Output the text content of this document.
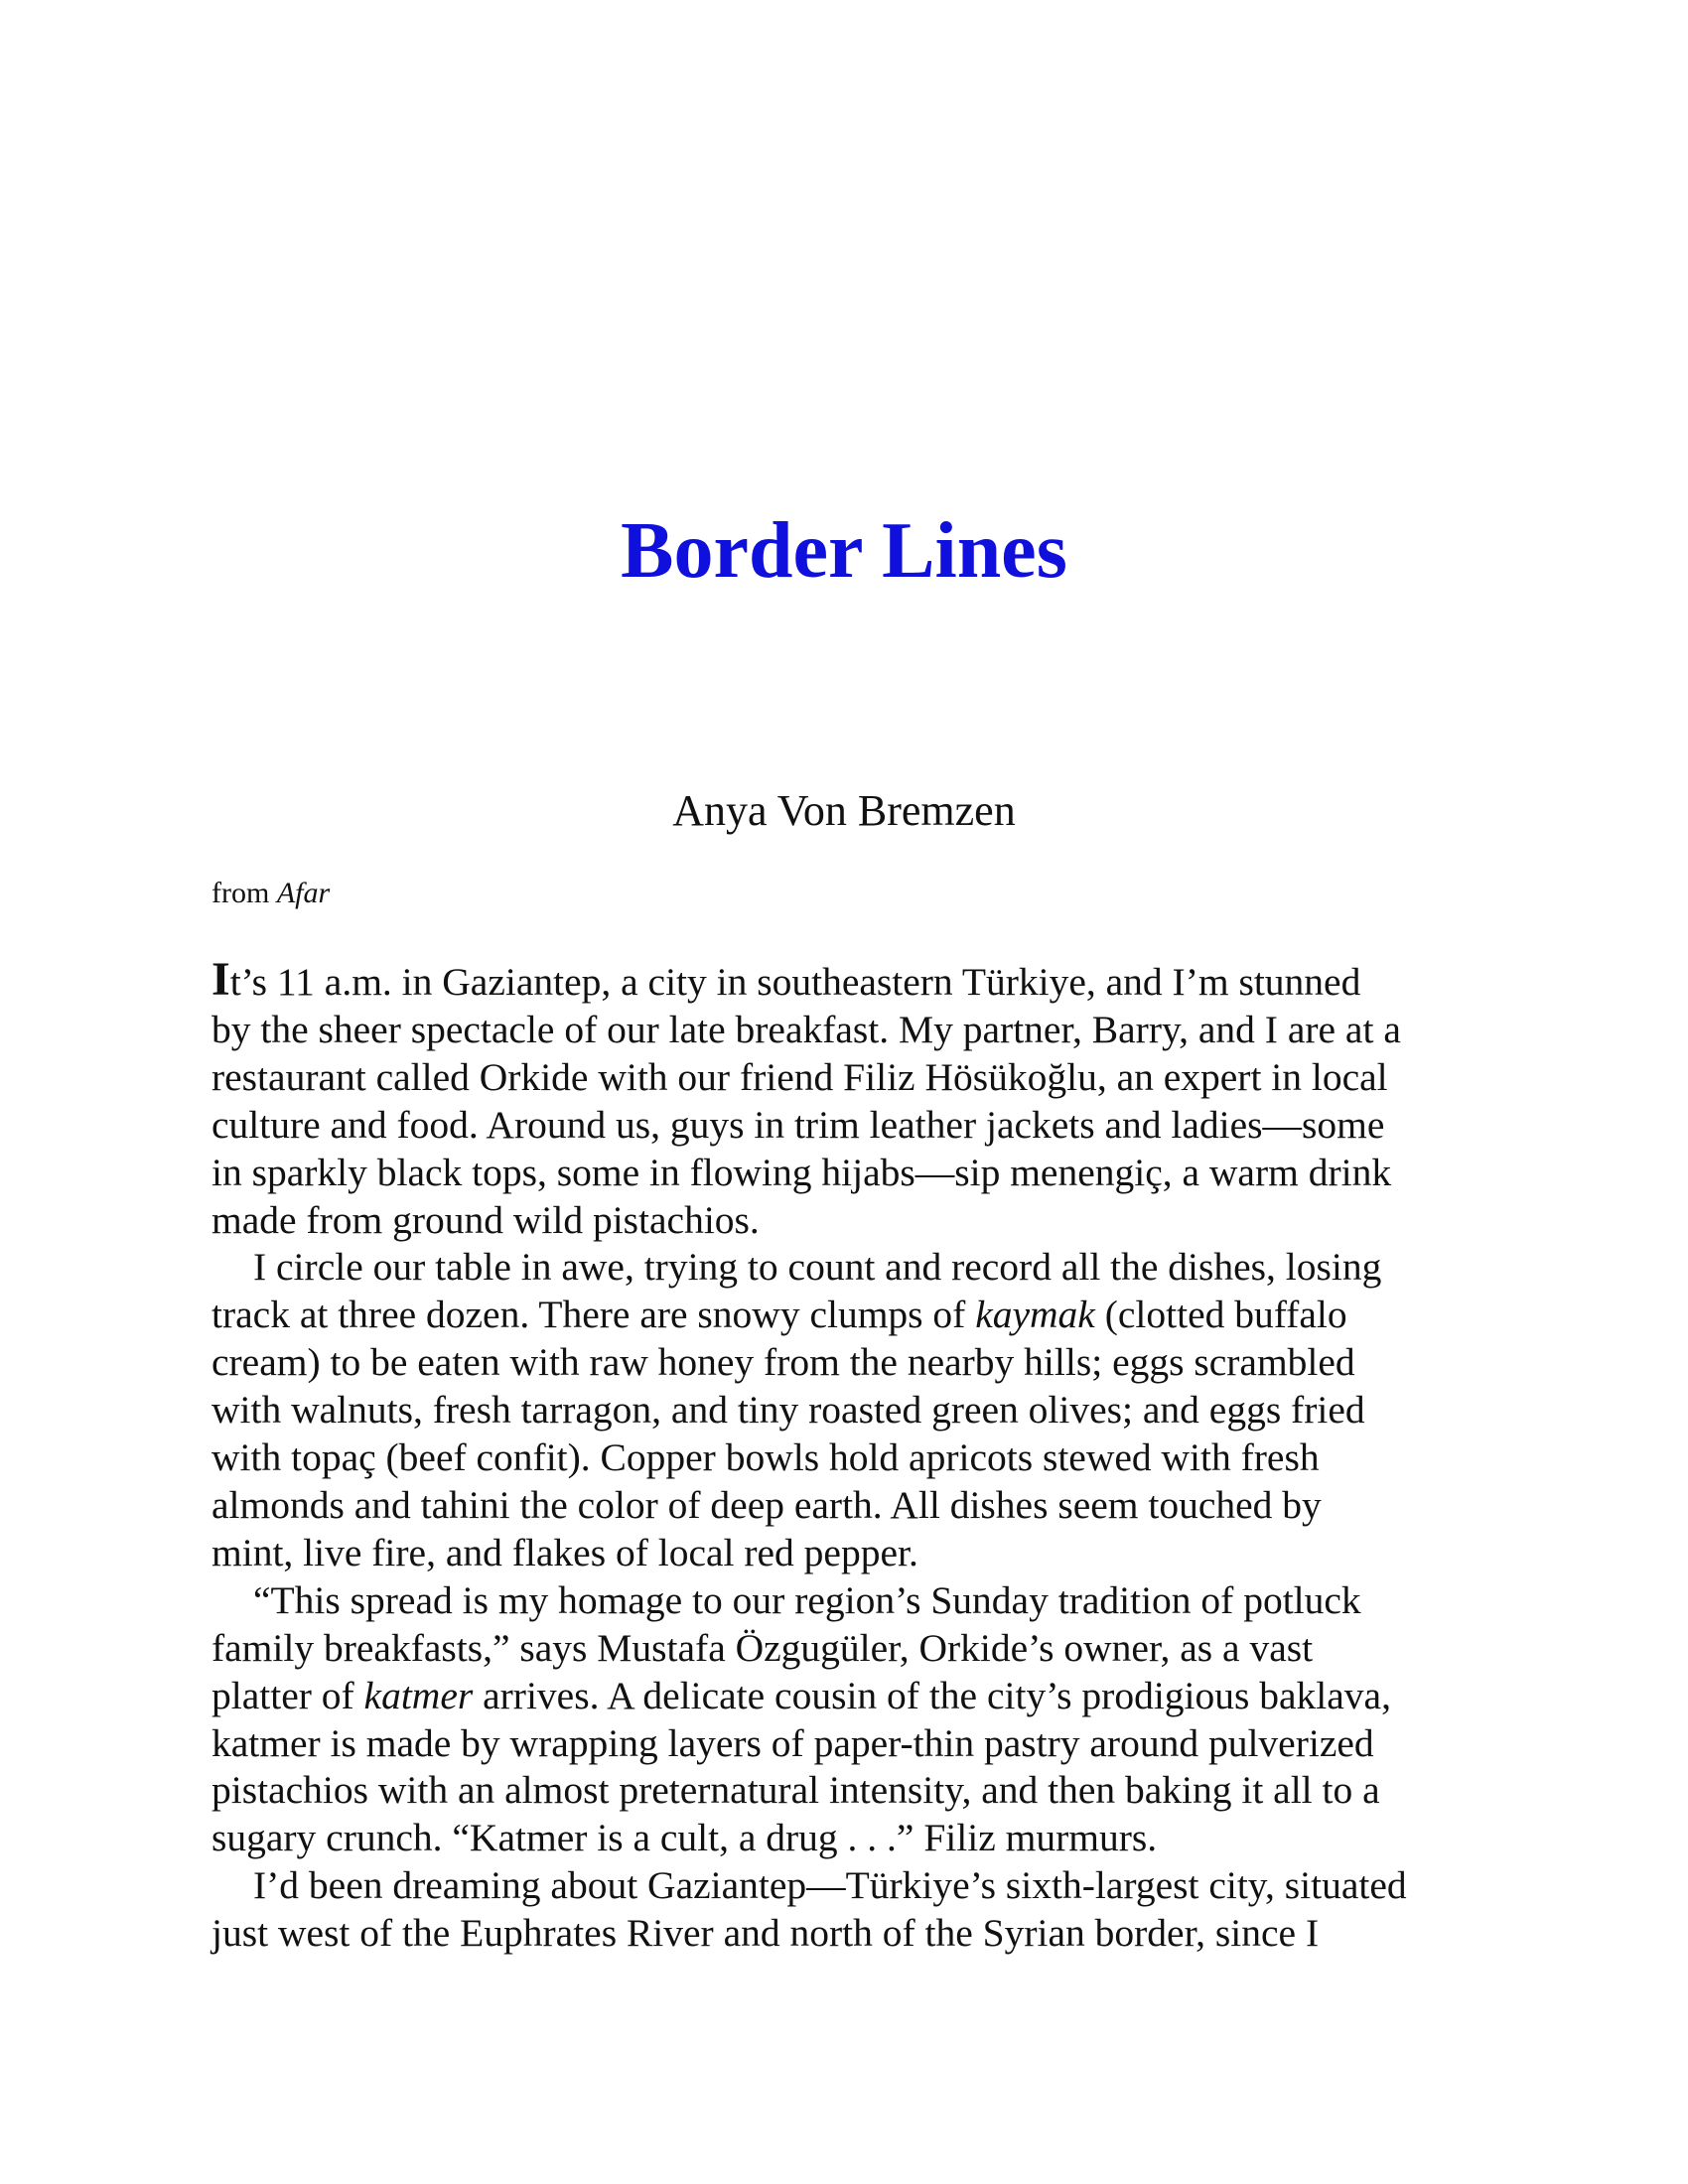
Border Lines

Anya Von Bremzen

from Afar

It’s 11 a.m. in Gaziantep, a city in southeastern Türkiye, and I’m stunned
by the sheer spectacle of our late breakfast. My partner, Barry, and I are at a
restaurant called Orkide with our friend Filiz Hösükoğlu, an expert in local
culture and food. Around us, guys in trim leather jackets and ladies—some
in sparkly black tops, some in flowing hijabs—sip menengiç, a warm drink
made from ground wild pistachios.

I circle our table in awe, trying to count and record all the dishes, losing
track at three dozen. There are snowy clumps of kaymak (clotted buffalo
cream) to be eaten with raw honey from the nearby hills; eggs scrambled
with walnuts, fresh tarragon, and tiny roasted green olives; and eggs fried
with topaç (beef confit). Copper bowls hold apricots stewed with fresh
almonds and tahini the color of deep earth. All dishes seem touched by
mint, live fire, and flakes of local red pepper.

“This spread is my homage to our region’s Sunday tradition of potluck
family breakfasts,” says Mustafa Özgugüler, Orkide’s owner, as a vast
platter of katmer arrives. A delicate cousin of the city’s prodigious baklava,
katmer is made by wrapping layers of paper-thin pastry around pulverized
pistachios with an almost preternatural intensity, and then baking it all to a
sugary crunch. “Katmer is a cult, a drug . . .” Filiz murmurs.

I’d been dreaming about Gaziantep—Türkiye’s sixth-largest city, situated
just west of the Euphrates River and north of the Syrian border, since I
